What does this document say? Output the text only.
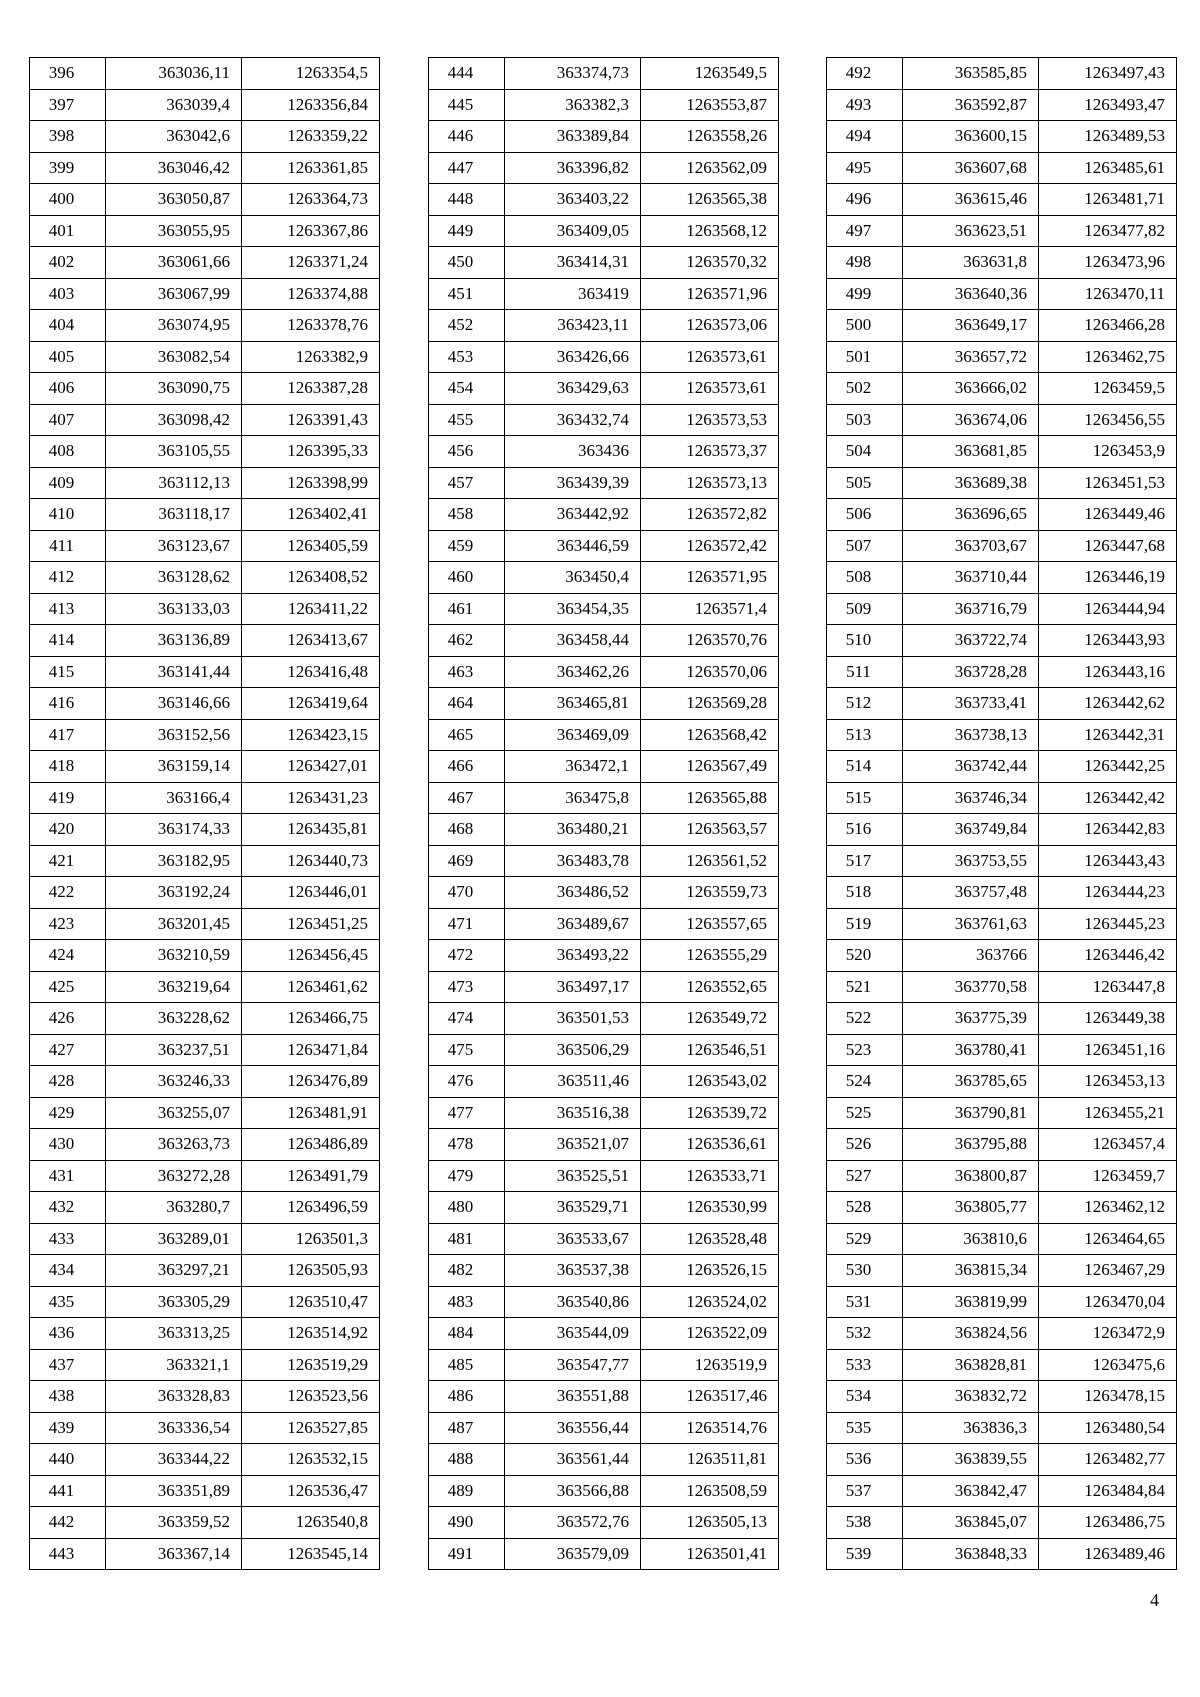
396	363036,11	1263354,5
397	363039,4	1263356,84
398	363042,6	1263359,22
399	363046,42	1263361,85
400	363050,87	1263364,73
401	363055,95	1263367,86
402	363061,66	1263371,24
403	363067,99	1263374,88
404	363074,95	1263378,76
405	363082,54	1263382,9
406	363090,75	1263387,28
407	363098,42	1263391,43
408	363105,55	1263395,33
409	363112,13	1263398,99
410	363118,17	1263402,41
411	363123,67	1263405,59
412	363128,62	1263408,52
413	363133,03	1263411,22
414	363136,89	1263413,67
415	363141,44	1263416,48
416	363146,66	1263419,64
417	363152,56	1263423,15
418	363159,14	1263427,01
419	363166,4	1263431,23
420	363174,33	1263435,81
421	363182,95	1263440,73
422	363192,24	1263446,01
423	363201,45	1263451,25
424	363210,59	1263456,45
425	363219,64	1263461,62
426	363228,62	1263466,75
427	363237,51	1263471,84
428	363246,33	1263476,89
429	363255,07	1263481,91
430	363263,73	1263486,89
431	363272,28	1263491,79
432	363280,7	1263496,59
433	363289,01	1263501,3
434	363297,21	1263505,93
435	363305,29	1263510,47
436	363313,25	1263514,92
437	363321,1	1263519,29
438	363328,83	1263523,56
439	363336,54	1263527,85
440	363344,22	1263532,15
441	363351,89	1263536,47
442	363359,52	1263540,8
443	363367,14	1263545,14
444	363374,73	1263549,5
445	363382,3	1263553,87
446	363389,84	1263558,26
447	363396,82	1263562,09
448	363403,22	1263565,38
449	363409,05	1263568,12
450	363414,31	1263570,32
451	363419	1263571,96
452	363423,11	1263573,06
453	363426,66	1263573,61
454	363429,63	1263573,61
455	363432,74	1263573,53
456	363436	1263573,37
457	363439,39	1263573,13
458	363442,92	1263572,82
459	363446,59	1263572,42
460	363450,4	1263571,95
461	363454,35	1263571,4
462	363458,44	1263570,76
463	363462,26	1263570,06
464	363465,81	1263569,28
465	363469,09	1263568,42
466	363472,1	1263567,49
467	363475,8	1263565,88
468	363480,21	1263563,57
469	363483,78	1263561,52
470	363486,52	1263559,73
471	363489,67	1263557,65
472	363493,22	1263555,29
473	363497,17	1263552,65
474	363501,53	1263549,72
475	363506,29	1263546,51
476	363511,46	1263543,02
477	363516,38	1263539,72
478	363521,07	1263536,61
479	363525,51	1263533,71
480	363529,71	1263530,99
481	363533,67	1263528,48
482	363537,38	1263526,15
483	363540,86	1263524,02
484	363544,09	1263522,09
485	363547,77	1263519,9
486	363551,88	1263517,46
487	363556,44	1263514,76
488	363561,44	1263511,81
489	363566,88	1263508,59
490	363572,76	1263505,13
491	363579,09	1263501,41
492	363585,85	1263497,43
493	363592,87	1263493,47
494	363600,15	1263489,53
495	363607,68	1263485,61
496	363615,46	1263481,71
497	363623,51	1263477,82
498	363631,8	1263473,96
499	363640,36	1263470,11
500	363649,17	1263466,28
501	363657,72	1263462,75
502	363666,02	1263459,5
503	363674,06	1263456,55
504	363681,85	1263453,9
505	363689,38	1263451,53
506	363696,65	1263449,46
507	363703,67	1263447,68
508	363710,44	1263446,19
509	363716,79	1263444,94
510	363722,74	1263443,93
511	363728,28	1263443,16
512	363733,41	1263442,62
513	363738,13	1263442,31
514	363742,44	1263442,25
515	363746,34	1263442,42
516	363749,84	1263442,83
517	363753,55	1263443,43
518	363757,48	1263444,23
519	363761,63	1263445,23
520	363766	1263446,42
521	363770,58	1263447,8
522	363775,39	1263449,38
523	363780,41	1263451,16
524	363785,65	1263453,13
525	363790,81	1263455,21
526	363795,88	1263457,4
527	363800,87	1263459,7
528	363805,77	1263462,12
529	363810,6	1263464,65
530	363815,34	1263467,29
531	363819,99	1263470,04
532	363824,56	1263472,9
533	363828,81	1263475,6
534	363832,72	1263478,15
535	363836,3	1263480,54
536	363839,55	1263482,77
537	363842,47	1263484,84
538	363845,07	1263486,75
539	363848,33	1263489,46
4
